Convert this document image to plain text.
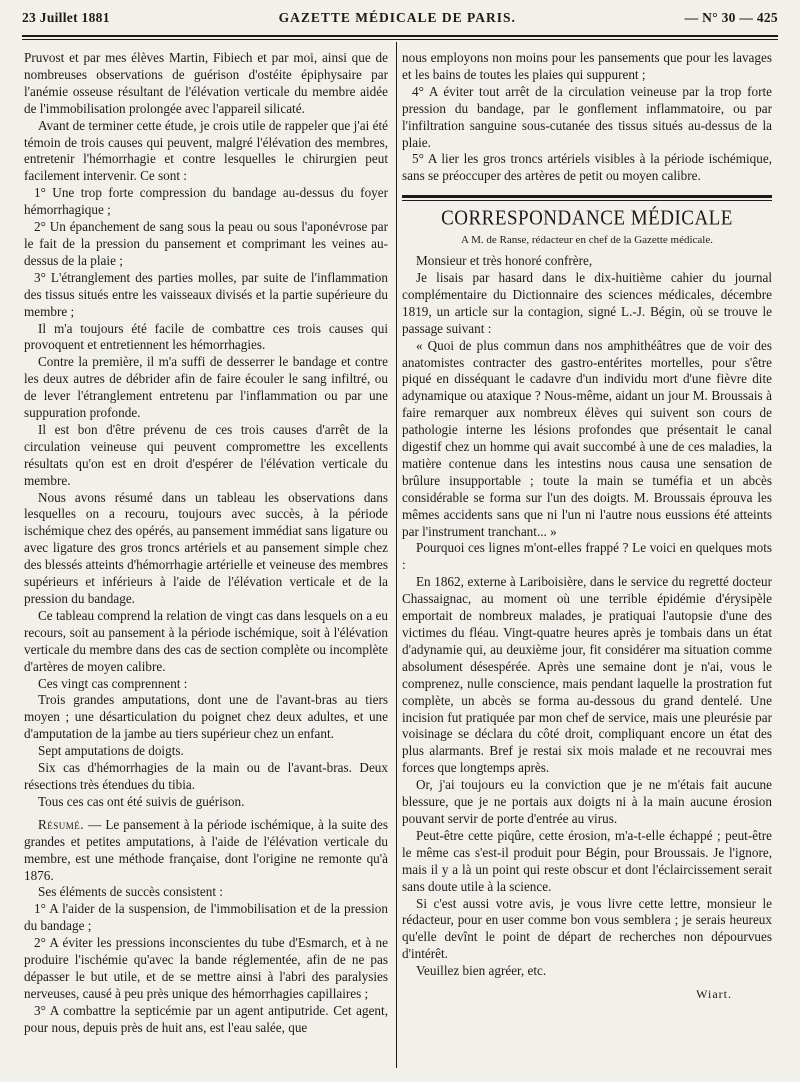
23 Juillet 1881	GAZETTE MÉDICALE DE PARIS.	— N° 30 — 425

Pruvost et par mes élèves Martin, Fibiech et par moi, ainsi que de nombreuses observations de guérison d'ostéite épiphysaire par l'anémie osseuse résultant de l'élévation verticale du membre aidée de l'immobilisation prolongée avec l'appareil silicaté.

Avant de terminer cette étude, je crois utile de rappeler que j'ai été témoin de trois causes qui peuvent, malgré l'élévation des membres, entretenir l'hémorrhagie et contre lesquelles le chirurgien peut facilement intervenir. Ce sont :

1° Une trop forte compression du bandage au-dessus du foyer hémorrhagique ;

2° Un épanchement de sang sous la peau ou sous l'aponévrose par le fait de la pression du pansement et comprimant les veines au-dessus de la plaie ;

3° L'étranglement des parties molles, par suite de l'inflammation des tissus situés entre les vaisseaux divisés et la partie supérieure du membre ;

Il m'a toujours été facile de combattre ces trois causes qui provoquent et entretiennent les hémorrhagies.

Contre la première, il m'a suffi de desserrer le bandage et contre les deux autres de débrider afin de faire écouler le sang infiltré, ou de lever l'étranglement entretenu par l'inflammation ou par une suppuration profonde.

Il est bon d'être prévenu de ces trois causes d'arrêt de la circulation veineuse qui peuvent compromettre les excellents résultats qu'on est en droit d'espérer de l'élévation verticale du membre.

Nous avons résumé dans un tableau les observations dans lesquelles on a recouru, toujours avec succès, à la période ischémique chez des opérés, au pansement immédiat sans ligature ou avec ligature des gros troncs artériels et au pansement simple chez des blessés atteints d'hémorrhagie artérielle et veineuse des membres supérieurs et inférieurs à l'aide de l'élévation verticale et de la pression du bandage.

Ce tableau comprend la relation de vingt cas dans lesquels on a eu recours, soit au pansement à la période ischémique, soit à l'élévation verticale du membre dans des cas de section complète ou incomplète d'artères de moyen calibre.

Ces vingt cas comprennent :

Trois grandes amputations, dont une de l'avant-bras au tiers moyen ; une désarticulation du poignet chez deux adultes, et une d'amputation de la jambe au tiers supérieur chez un enfant.

Sept amputations de doigts.

Six cas d'hémorrhagies de la main ou de l'avant-bras. Deux résections très étendues du tibia.

Tous ces cas ont été suivis de guérison.

Résumé. — Le pansement à la période ischémique, à la suite des grandes et petites amputations, à l'aide de l'élévation verticale du membre, est une méthode française, dont l'origine ne remonte qu'à 1876.

Ses éléments de succès consistent :

1° A l'aider de la suspension, de l'immobilisation et de la pression du bandage ;

2° A éviter les pressions inconscientes du tube d'Esmarch, et à ne produire l'ischémie qu'avec la bande réglementée, afin de ne pas dépasser le but utile, et de se mettre ainsi à l'abri des paralysies nerveuses, causé à peu près unique des hémorrhagies capillaires ;

3° A combattre la septicémie par un agent antiputride. Cet agent, pour nous, depuis près de huit ans, est l'eau salée, que

nous employons non moins pour les pansements que pour les lavages et les bains de toutes les plaies qui suppurent ;

4° A éviter tout arrêt de la circulation veineuse par la trop forte pression du bandage, par le gonflement inflammatoire, ou par l'infiltration sanguine sous-cutanée des tissus situés au-dessus de la plaie.

5° A lier les gros troncs artériels visibles à la période ischémique, sans se préoccuper des artères de petit ou moyen calibre.

CORRESPONDANCE MÉDICALE

A M. de Ranse, rédacteur en chef de la Gazette médicale.

Monsieur et très honoré confrère,

Je lisais par hasard dans le dix-huitième cahier du journal complémentaire du Dictionnaire des sciences médicales, décembre 1819, un article sur la contagion, signé L.-J. Bégin, où se trouve le passage suivant :

« Quoi de plus commun dans nos amphithéâtres que de voir des anatomistes contracter des gastro-entérites mortelles, pour s'être piqué en disséquant le cadavre d'un individu mort d'une fièvre dite adynamique ou ataxique ? Nous-même, aidant un jour M. Broussais à faire remarquer aux nombreux élèves qui suivent son cours de pathologie interne les lésions profondes que présentait le canal digestif chez un homme qui avait succombé à une de ces maladies, la matière contenue dans les intestins nous causa une sensation de brûlure insupportable ; toute la main se tuméfia et un abcès considérable se forma sur l'un des doigts. M. Broussais éprouva les mêmes accidents sans que ni l'un ni l'autre nous eussions été atteints par l'instrument tranchant... »

Pourquoi ces lignes m'ont-elles frappé ? Le voici en quelques mots :

En 1862, externe à Lariboisière, dans le service du regretté docteur Chassaignac, au moment où une terrible épidémie d'érysipèle emportait de nombreux malades, je pratiquai l'autopsie d'une des victimes du fléau. Vingt-quatre heures après je tombais dans un état d'adynamie qui, au deuxième jour, fit considérer ma situation comme absolument désespérée. Après une semaine dont je n'ai, vous le comprenez, nulle conscience, mais pendant laquelle la prostration fut complète, un abcès se forma au-dessous du grand dentelé. Une incision fut pratiquée par mon chef de service, mais une pleurésie par voisinage se déclara du côté droit, compliquant encore un état des plus alarmants. Bref je restai six mois malade et ne recouvrai mes forces que longtemps après.

Or, j'ai toujours eu la conviction que je ne m'étais fait aucune blessure, que je ne portais aux doigts ni à la main aucune érosion pouvant servir de porte d'entrée au virus.

Peut-être cette piqûre, cette érosion, m'a-t-elle échappé ; peut-être le même cas s'est-il produit pour Bégin, pour Broussais. Je l'ignore, mais il y a là un point qui reste obscur et dont l'éclaircissement serait sans doute utile à la science.

Si c'est aussi votre avis, je vous livre cette lettre, monsieur le rédacteur, pour en user comme bon vous semblera ; je serais heureux qu'elle devînt le point de départ de recherches non dépourvues d'intérêt.

Veuillez bien agréer, etc.

Wiart.
